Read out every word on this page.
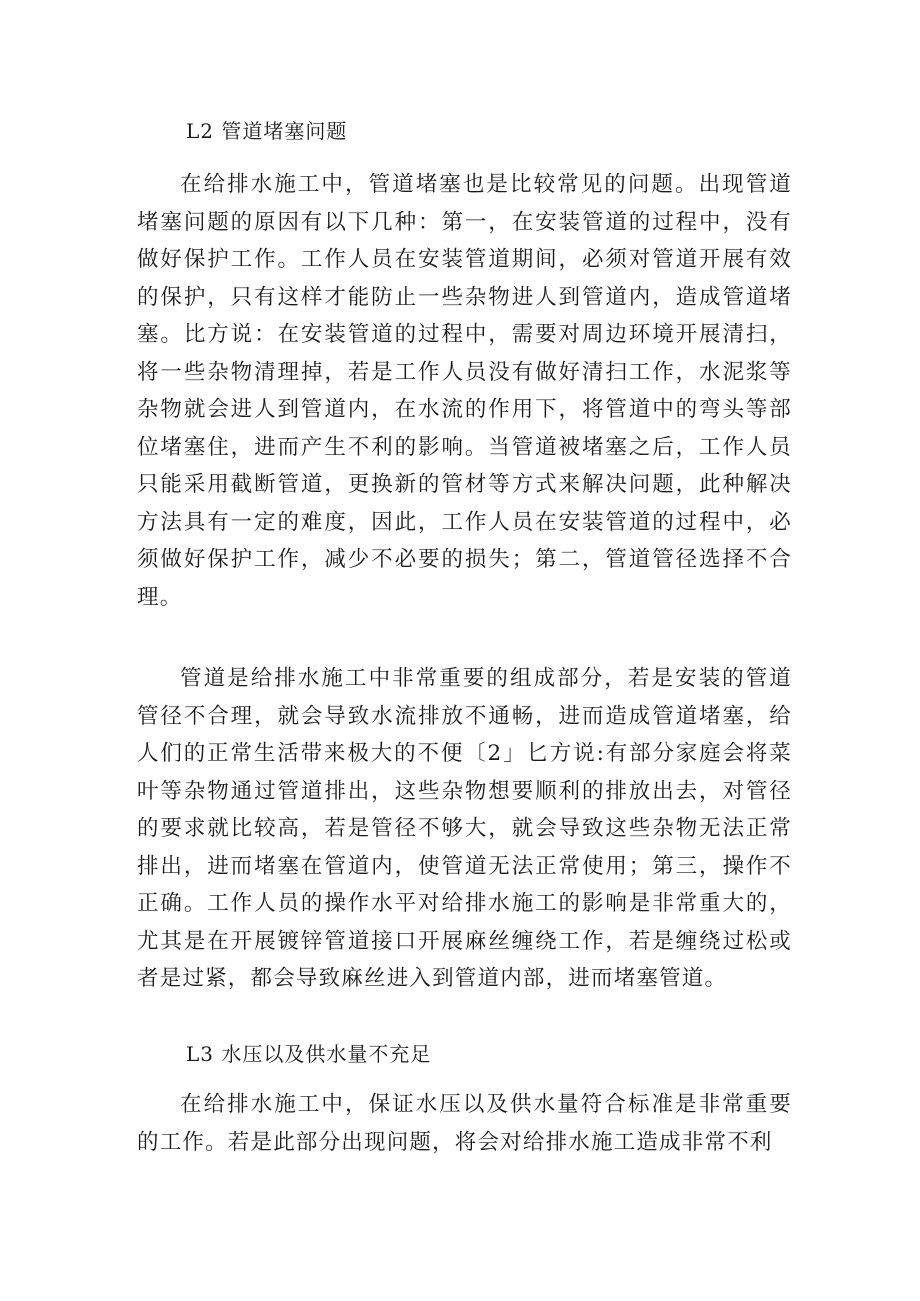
L2 管道堵塞问题

在给排水施工中，管道堵塞也是比较常见的问题。出现管道堵塞问题的原因有以下几种：第一，在安装管道的过程中，没有做好保护工作。工作人员在安装管道期间，必须对管道开展有效的保护，只有这样才能防止一些杂物进人到管道内，造成管道堵塞。比方说：在安装管道的过程中，需要对周边环境开展清扫，将一些杂物清理掉，若是工作人员没有做好清扫工作，水泥浆等杂物就会进人到管道内，在水流的作用下，将管道中的弯头等部位堵塞住，进而产生不利的影响。当管道被堵塞之后，工作人员只能采用截断管道，更换新的管材等方式来解决问题，此种解决方法具有一定的难度，因此，工作人员在安装管道的过程中，必须做好保护工作，减少不必要的损失；第二，管道管径选择不合理。

管道是给排水施工中非常重要的组成部分，若是安装的管道管径不合理，就会导致水流排放不通畅，进而造成管道堵塞，给人们的正常生活带来极大的不便〔2」匕方说:有部分家庭会将菜叶等杂物通过管道排出，这些杂物想要顺利的排放出去，对管径的要求就比较高，若是管径不够大，就会导致这些杂物无法正常排出，进而堵塞在管道内，使管道无法正常使用；第三，操作不正确。工作人员的操作水平对给排水施工的影响是非常重大的，尤其是在开展镀锌管道接口开展麻丝缠绕工作，若是缠绕过松或者是过紧，都会导致麻丝进入到管道内部，进而堵塞管道。

L3 水压以及供水量不充足

在给排水施工中，保证水压以及供水量符合标准是非常重要的工作。若是此部分出现问题，将会对给排水施工造成非常不利
